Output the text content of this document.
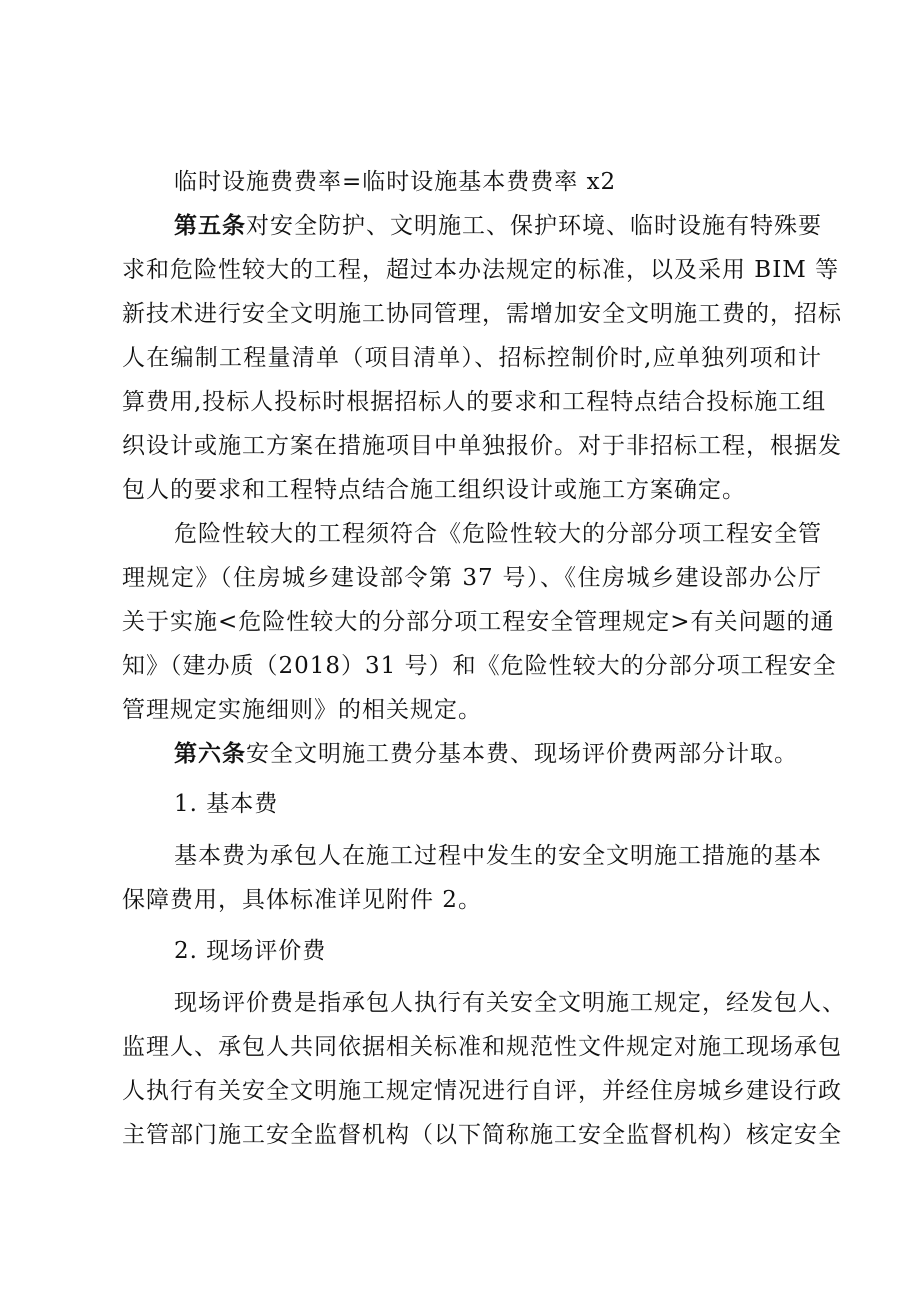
临时设施费费率=临时设施基本费费率 x2
第五条对安全防护、文明施工、保护环境、临时设施有特殊要
求和危险性较大的工程，超过本办法规定的标准，以及采用 BIM 等
新技术进行安全文明施工协同管理，需增加安全文明施工费的，招标
人在编制工程量清单（项目清单）、招标控制价时,应单独列项和计
算费用,投标人投标时根据招标人的要求和工程特点结合投标施工组
织设计或施工方案在措施项目中单独报价。对于非招标工程，根据发
包人的要求和工程特点结合施工组织设计或施工方案确定。
危险性较大的工程须符合《危险性较大的分部分项工程安全管
理规定》（住房城乡建设部令第 37 号）、《住房城乡建设部办公厅
关于实施<危险性较大的分部分项工程安全管理规定>有关问题的通
知》（建办质（2018）31 号）和《危险性较大的分部分项工程安全
管理规定实施细则》的相关规定。
第六条安全文明施工费分基本费、现场评价费两部分计取。
1. 基本费
基本费为承包人在施工过程中发生的安全文明施工措施的基本
保障费用，具体标准详见附件 2。
2. 现场评价费
现场评价费是指承包人执行有关安全文明施工规定，经发包人、
监理人、承包人共同依据相关标准和规范性文件规定对施工现场承包
人执行有关安全文明施工规定情况进行自评，并经住房城乡建设行政
主管部门施工安全监督机构（以下简称施工安全监督机构）核定安全
